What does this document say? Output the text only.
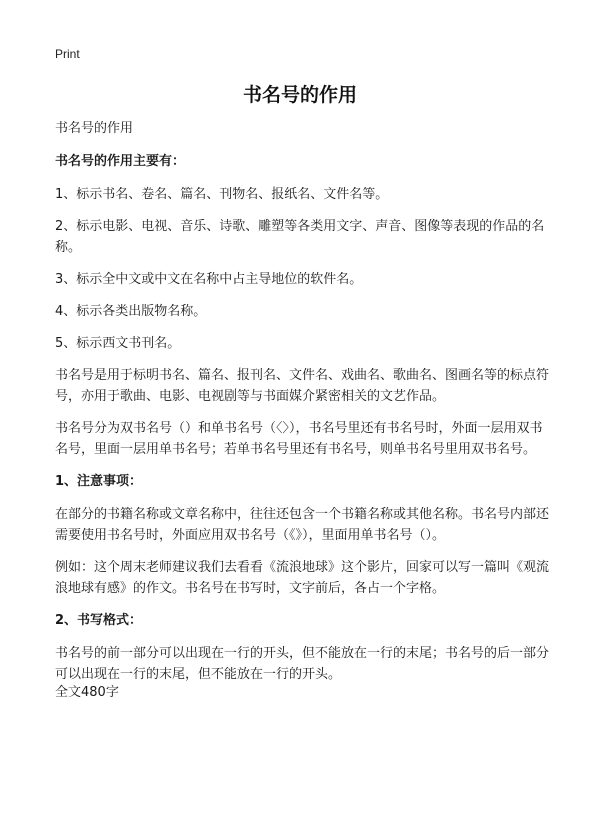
Print
书名号的作用

书名号的作用

书名号的作用主要有：

1、标示书名、卷名、篇名、刊物名、报纸名、文件名等。

2、标示电影、电视、音乐、诗歌、雕塑等各类用文字、声音、图像等表现的作品的名称。

3、标示全中文或中文在名称中占主导地位的软件名。

4、标示各类出版物名称。

5、标示西文书刊名。

书名号是用于标明书名、篇名、报刊名、文件名、戏曲名、歌曲名、图画名等的标点符号，亦用于歌曲、电影、电视剧等与书面媒介紧密相关的文艺作品。

书名号分为双书名号（）和单书名号（〈〉），书名号里还有书名号时，外面一层用双书名号，里面一层用单书名号；若单书名号里还有书名号，则单书名号里用双书名号。

1、注意事项：

在部分的书籍名称或文章名称中，往往还包含一个书籍名称或其他名称。书名号内部还需要使用书名号时，外面应用双书名号（《》），里面用单书名号（）。

例如：这个周末老师建议我们去看看《流浪地球》这个影片，回家可以写一篇叫《观流浪地球有感》的作文。书名号在书写时，文字前后，各占一个字格。

2、书写格式：

书名号的前一部分可以出现在一行的开头，但不能放在一行的末尾；书名号的后一部分可以出现在一行的末尾，但不能放在一行的开头。

全文480字
